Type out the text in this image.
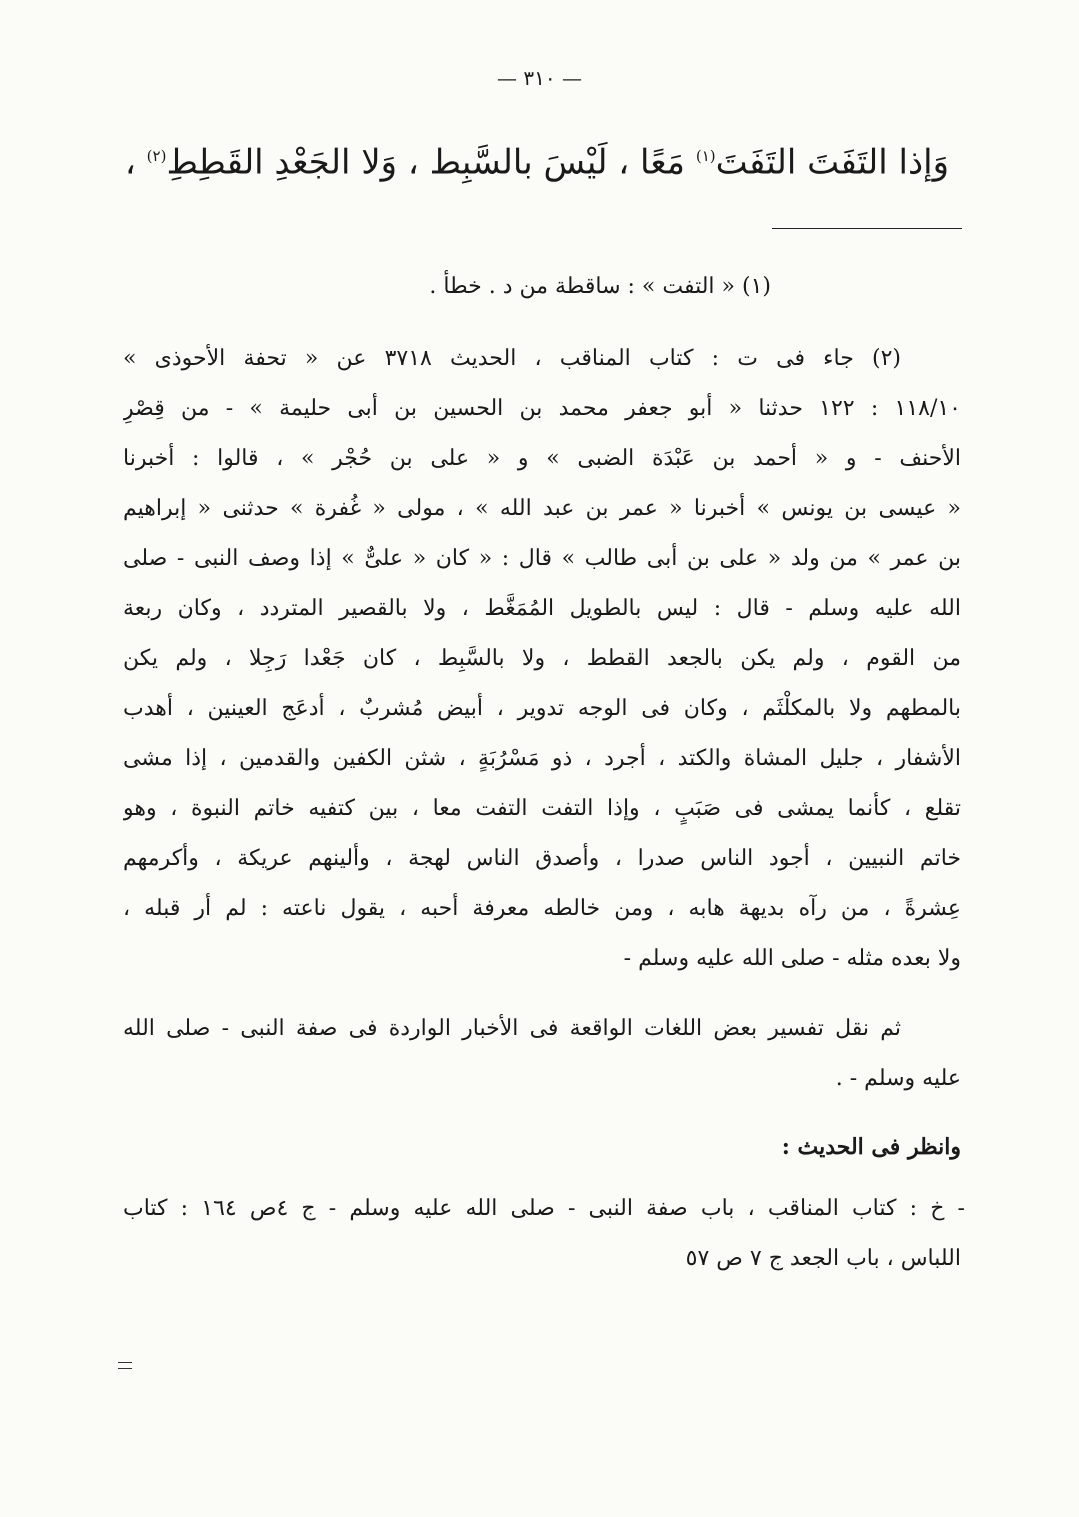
— ٣١٠ —
وَإذا التَفَتَ التَفَتَ$^{(١)}$ مَعًا ، لَيْسَ بالسَّبِط ، وَلا الجَعْدِ القَطِطِ$^{(٢)}$ ،
(١) « التفت » : ساقطة من د . خطأ .
(٢) جاء فى ت : كتاب المناقب ، الحديث ٣٧١٨ عن « تحفة الأحوذى »
١١٨/١٠ : ١٢٢ حدثنا « أبو جعفر محمد بن الحسين بن أبى حليمة » - من قِصْرِ
الأحنف - و « أحمد بن عَبْدَة الضبى » و « على بن حُجْر » ، قالوا : أخبرنا
« عيسى بن يونس » أخبرنا « عمر بن عبد الله » ، مولى « غُفرة » حدثنى « إبراهيم
بن عمر » من ولد « على بن أبى طالب » قال : « كان « علىٌّ » إذا وصف النبى - صلى
الله عليه وسلم - قال : ليس بالطويل المُمَغَّط ، ولا بالقصير المتردد ، وكان ربعة
من القوم ، ولم يكن بالجعد القطط ، ولا بالسَّبِط ، كان جَعْدا رَجِلا ، ولم يكن
بالمطهم ولا بالمكلْثَم ، وكان فى الوجه تدوير ، أبيض مُشربٌ ، أدعَج العينين ، أهدب
الأشفار ، جليل المشاة والكتد ، أجرد ، ذو مَسْرُبَةٍ ، شثن الكفين والقدمين ، إذا مشى
تقلع ، كأنما يمشى فى صَبَبٍ ، وإذا التفت التفت معا ، بين كتفيه خاتم النبوة ، وهو
خاتم النبيين ، أجود الناس صدرا ، وأصدق الناس لهجة ، وألينهم عريكة ، وأكرمهم
عِشرةً ، من رآه بديهة هابه ، ومن خالطه معرفة أحبه ، يقول ناعته : لم أر قبله ،
ولا بعده مثله - صلى الله عليه وسلم -
ثم نقل تفسير بعض اللغات الواقعة فى الأخبار الواردة فى صفة النبى - صلى الله
عليه وسلم - .
وانظر فى الحديث :
- خ : كتاب المناقب ، باب صفة النبى - صلى الله عليه وسلم - ج ٤ص ١٦٤ : كتاب
اللباس ، باب الجعد ج ٧ ص ٥٧
